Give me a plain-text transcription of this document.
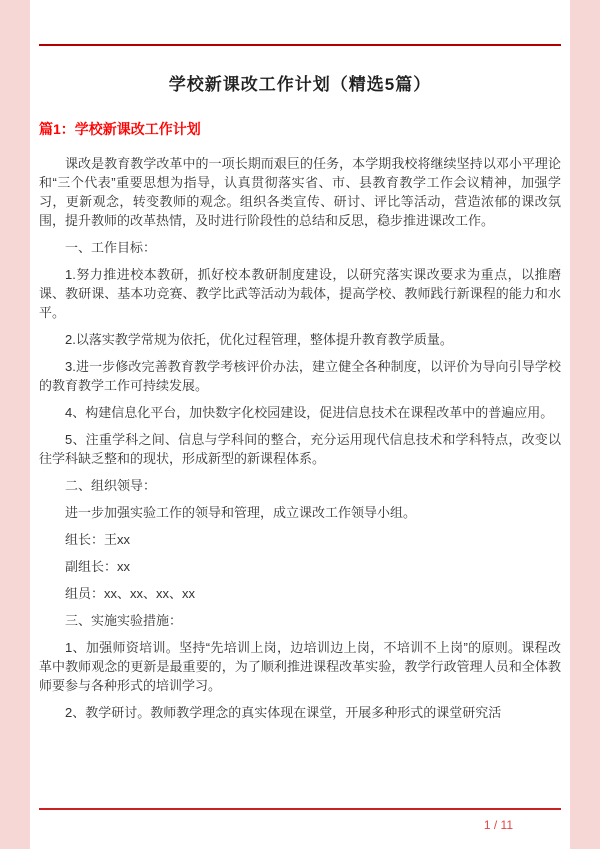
学校新课改工作计划（精选5篇）
篇1：学校新课改工作计划

课改是教育教学改革中的一项长期而艰巨的任务，本学期我校将继续坚持以邓小平理论和“三个代表”重要思想为指导，认真贯彻落实省、市、县教育教学工作会议精神，加强学习，更新观念，转变教师的观念。组织各类宣传、研讨、评比等活动，营造浓郁的课改氛围，提升教师的改革热情，及时进行阶段性的总结和反思，稳步推进课改工作。

一、工作目标：

1.努力推进校本教研，抓好校本教研制度建设，以研究落实课改要求为重点，以推磨课、教研课、基本功竞赛、教学比武等活动为载体，提高学校、教师践行新课程的能力和水平。

2.以落实教学常规为依托，优化过程管理，整体提升教育教学质量。

3.进一步修改完善教育教学考核评价办法，建立健全各种制度，以评价为导向引导学校的教育教学工作可持续发展。

4、构建信息化平台，加快数字化校园建设，促进信息技术在课程改革中的普遍应用。

5、注重学科之间、信息与学科间的整合，充分运用现代信息技术和学科特点，改变以往学科缺乏整和的现状，形成新型的新课程体系。

二、组织领导：

进一步加强实验工作的领导和管理，成立课改工作领导小组。

组长：王xx

副组长：xx

组员：xx、xx、xx、xx

三、实施实验措施：

1、加强师资培训。坚持“先培训上岗，边培训边上岗，不培训不上岗”的原则。课程改革中教师观念的更新是最重要的，为了顺利推进课程改革实验，教学行政管理人员和全体教师要参与各种形式的培训学习。

2、教学研讨。教师教学理念的真实体现在课堂，开展多种形式的课堂研究活

1 / 11
